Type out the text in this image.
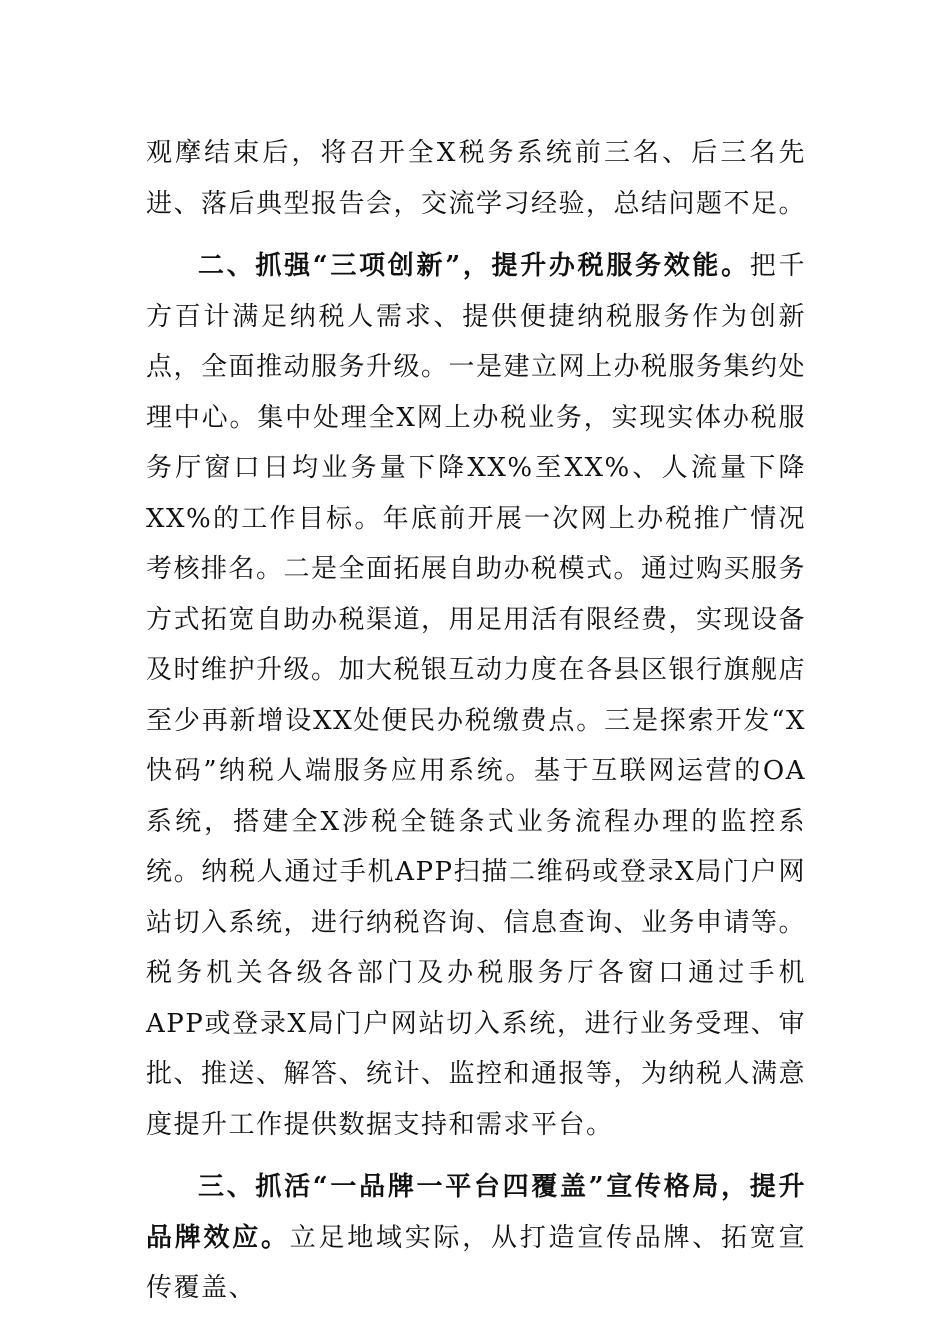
观摩结束后，将召开全X税务系统前三名、后三名先进、落后典型报告会，交流学习经验，总结问题不足。

二、抓强“三项创新”，提升办税服务效能。把千方百计满足纳税人需求、提供便捷纳税服务作为创新点，全面推动服务升级。一是建立网上办税服务集约处理中心。集中处理全X网上办税业务，实现实体办税服务厅窗口日均业务量下降XX%至XX%、人流量下降XX%的工作目标。年底前开展一次网上办税推广情况考核排名。二是全面拓展自助办税模式。通过购买服务方式拓宽自助办税渠道，用足用活有限经费，实现设备及时维护升级。加大税银互动力度在各县区银行旗舰店至少再新增设XX处便民办税缴费点。三是探索开发“X快码”纳税人端服务应用系统。基于互联网运营的OA系统，搭建全X涉税全链条式业务流程办理的监控系统。纳税人通过手机APP扫描二维码或登录X局门户网站切入系统，进行纳税咨询、信息查询、业务申请等。税务机关各级各部门及办税服务厅各窗口通过手机APP或登录X局门户网站切入系统，进行业务受理、审批、推送、解答、统计、监控和通报等，为纳税人满意度提升工作提供数据支持和需求平台。

三、抓活“一品牌一平台四覆盖”宣传格局，提升品牌效应。立足地域实际，从打造宣传品牌、拓宽宣传覆盖、
